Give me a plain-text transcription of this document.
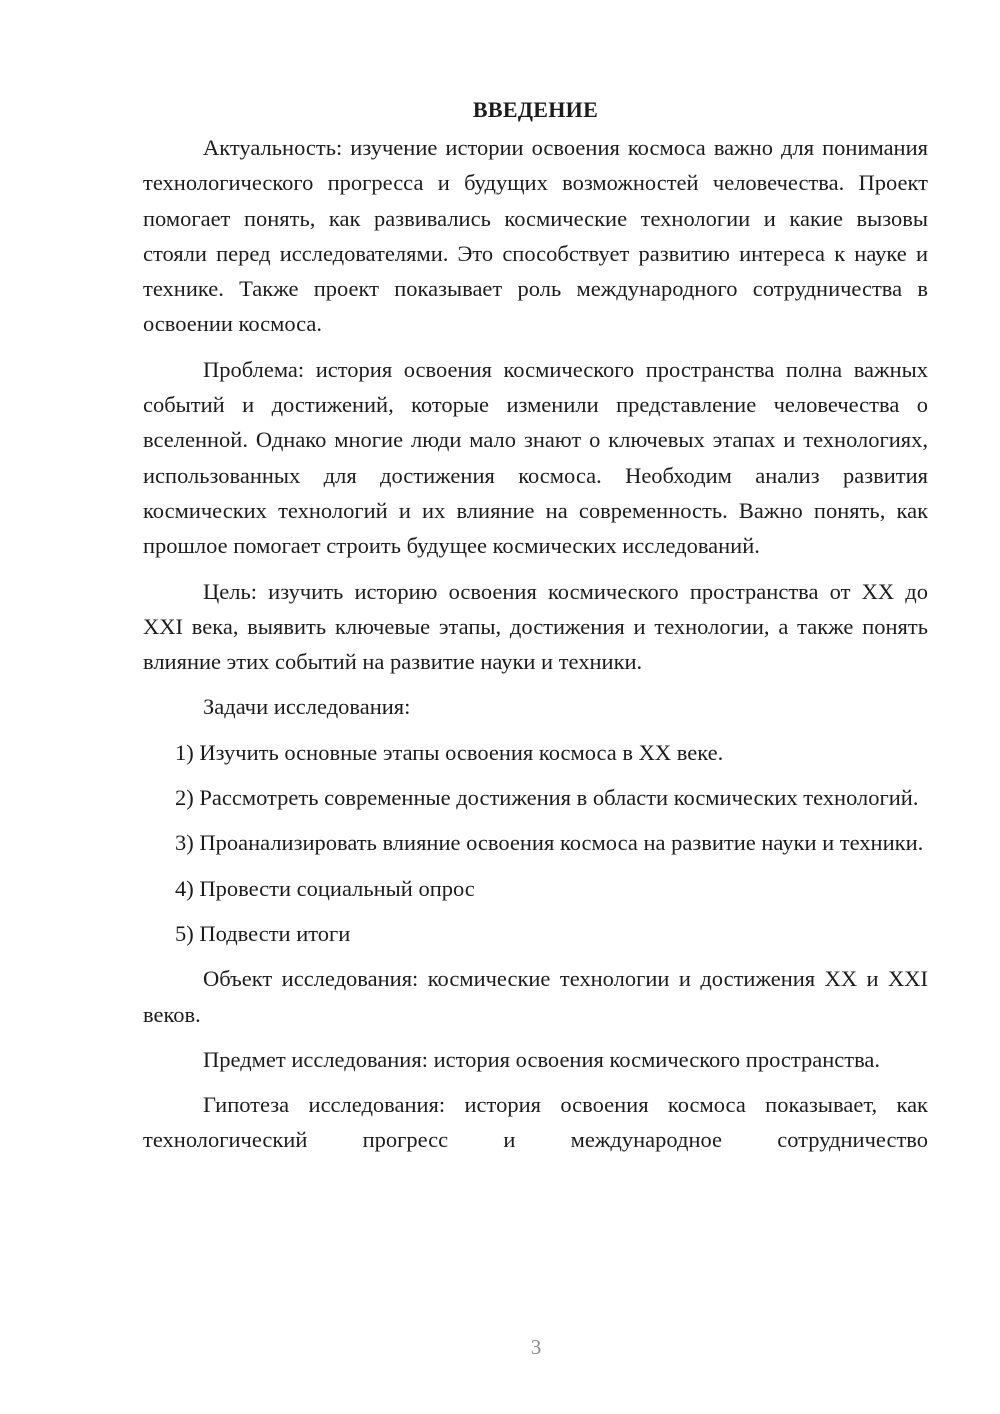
ВВЕДЕНИЕ

Актуальность: изучение истории освоения космоса важно для понимания технологического прогресса и будущих возможностей человечества. Проект помогает понять, как развивались космические технологии и какие вызовы стояли перед исследователями. Это способствует развитию интереса к науке и технике. Также проект показывает роль международного сотрудничества в освоении космоса.

Проблема: история освоения космического пространства полна важных событий и достижений, которые изменили представление человечества о вселенной. Однако многие люди мало знают о ключевых этапах и технологиях, использованных для достижения космоса. Необходим анализ развития космических технологий и их влияние на современность. Важно понять, как прошлое помогает строить будущее космических исследований.

Цель: изучить историю освоения космического пространства от XX до XXI века, выявить ключевые этапы, достижения и технологии, а также понять влияние этих событий на развитие науки и техники.

Задачи исследования:

1) Изучить основные этапы освоения космоса в XX веке.

2) Рассмотреть современные достижения в области космических технологий.

3) Проанализировать влияние освоения космоса на развитие науки и техники.

4) Провести социальный опрос

5) Подвести итоги

Объект исследования: космические технологии и достижения XX и XXI веков.

Предмет исследования: история освоения космического пространства.

Гипотеза исследования: история освоения космоса показывает, как технологический прогресс и международное сотрудничество

3
